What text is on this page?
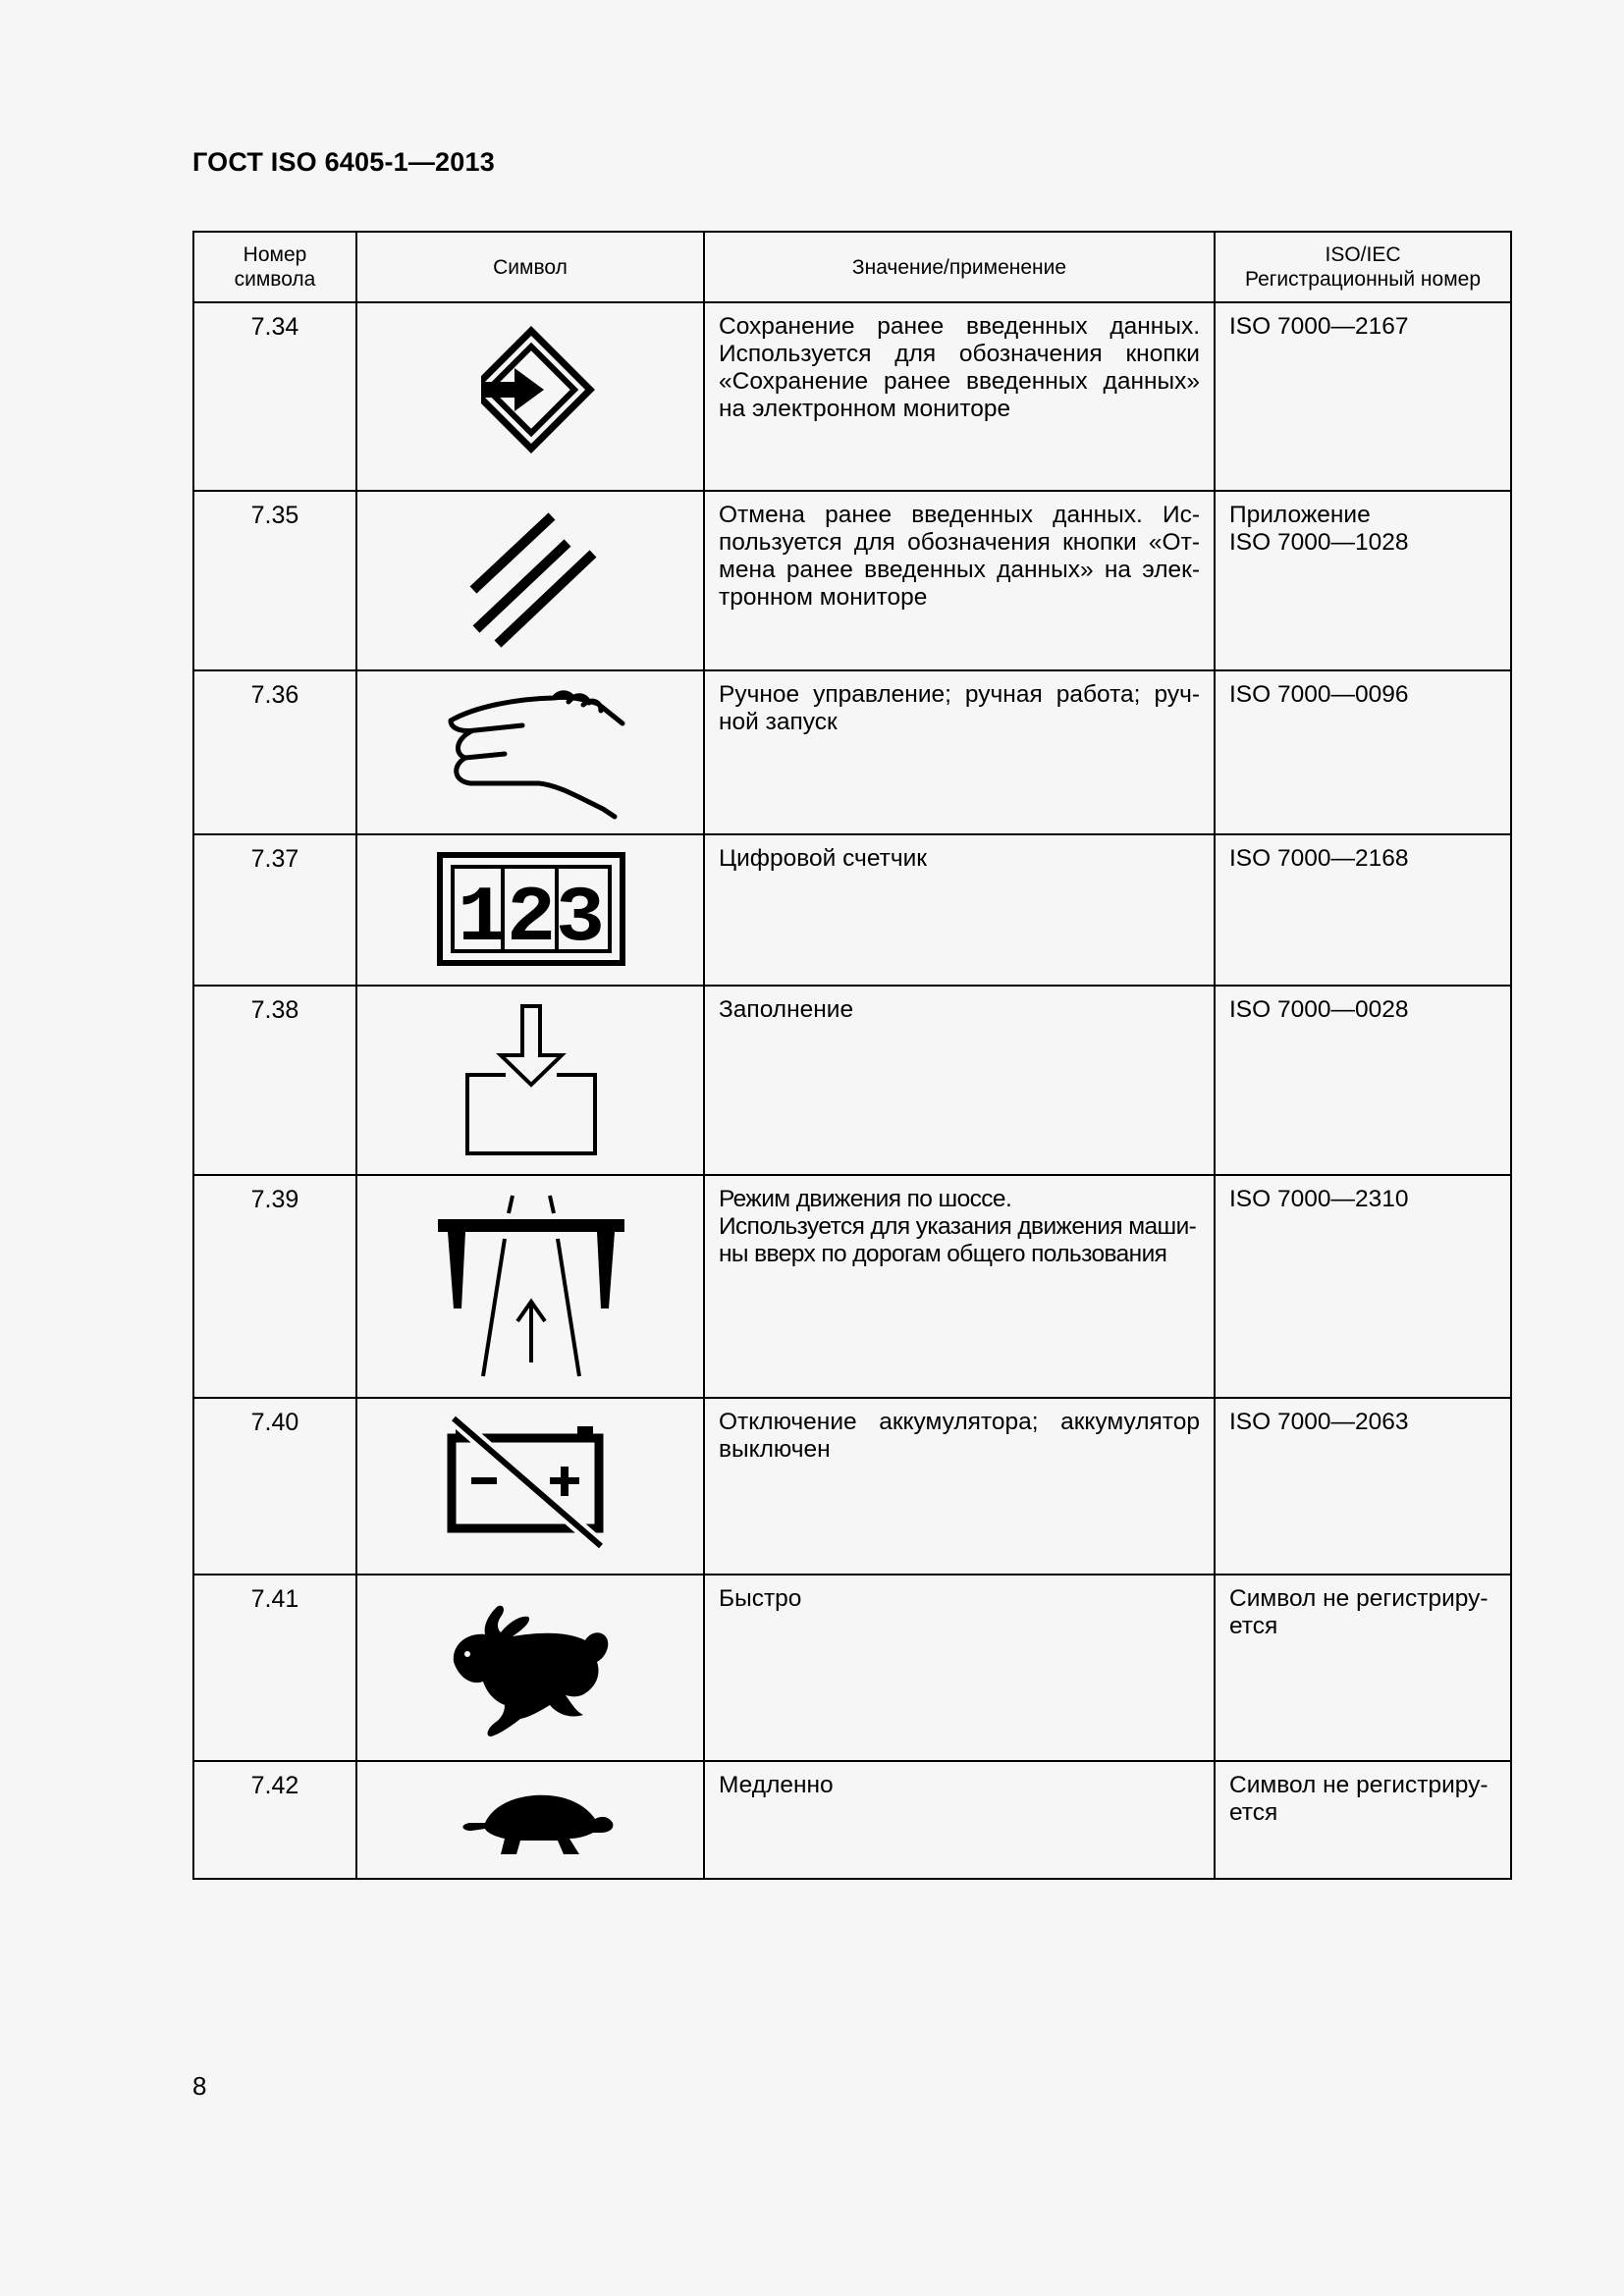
ГОСТ ISO 6405-1—2013
Номер
символа	Символ	Значение/применение	ISO/IEC
Регистрационный номер

7.34		Сохранение ранее введенных данных.
Используется для обозначения кнопки
«Сохранение ранее введенных данных»
на электронном мониторе	ISO 7000—2167

7.35		Отмена ранее введенных данных. Ис-
пользуется для обозначения кнопки «От-
мена ранее введенных данных» на элек-
тронном мониторе	Приложение
ISO 7000—1028

7.36		Ручное управление; ручная работа; руч-
ной запуск	ISO 7000—0096

7.37	123	Цифровой счетчик	ISO 7000—2168

7.38		Заполнение	ISO 7000—0028

7.39		Режим движения по шоссе.
Используется для указания движения маши-
ны вверх по дорогам общего пользования	ISO 7000—2310

7.40		Отключение аккумулятора; аккумулятор
выключен	ISO 7000—2063

7.41		Быстро	Символ не регистриру-
ется

7.42		Медленно	Символ не регистриру-
ется
8
